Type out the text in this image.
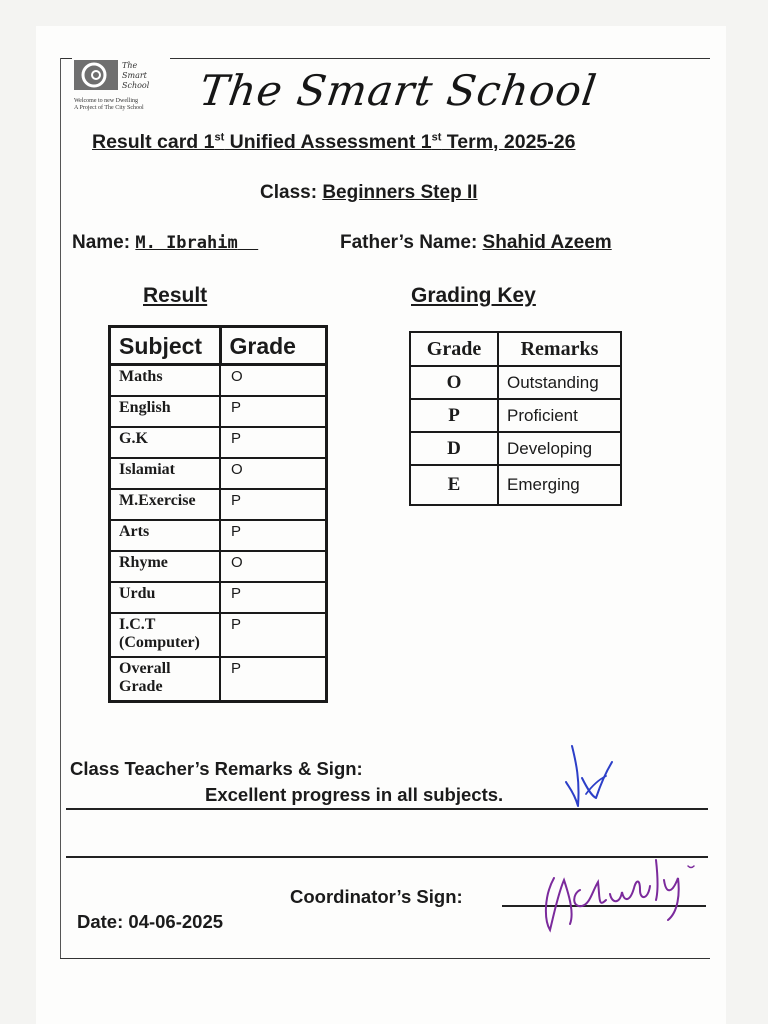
The
Smart
School
Welcome to new Dwelling
A Project of The City School The Smart School
Result card 1st Unified Assessment 1st Term, 2025-26
Class: Beginners Step II
Name: M. Ibrahim	Father’s Name: Shahid Azeem
Result	Grading Key
Subject	Grade
Maths	O
English	P
G.K	P
Islamiat	O
M.Exercise	P
Arts	P
Rhyme	O
Urdu	P
I.C.T (Computer)	P
Overall Grade	P
Grade	Remarks
O	Outstanding
P	Proficient
D	Developing
E	Emerging
Class Teacher’s Remarks & Sign:
Excellent progress in all subjects.
Coordinator’s Sign:
Date: 04-06-2025
